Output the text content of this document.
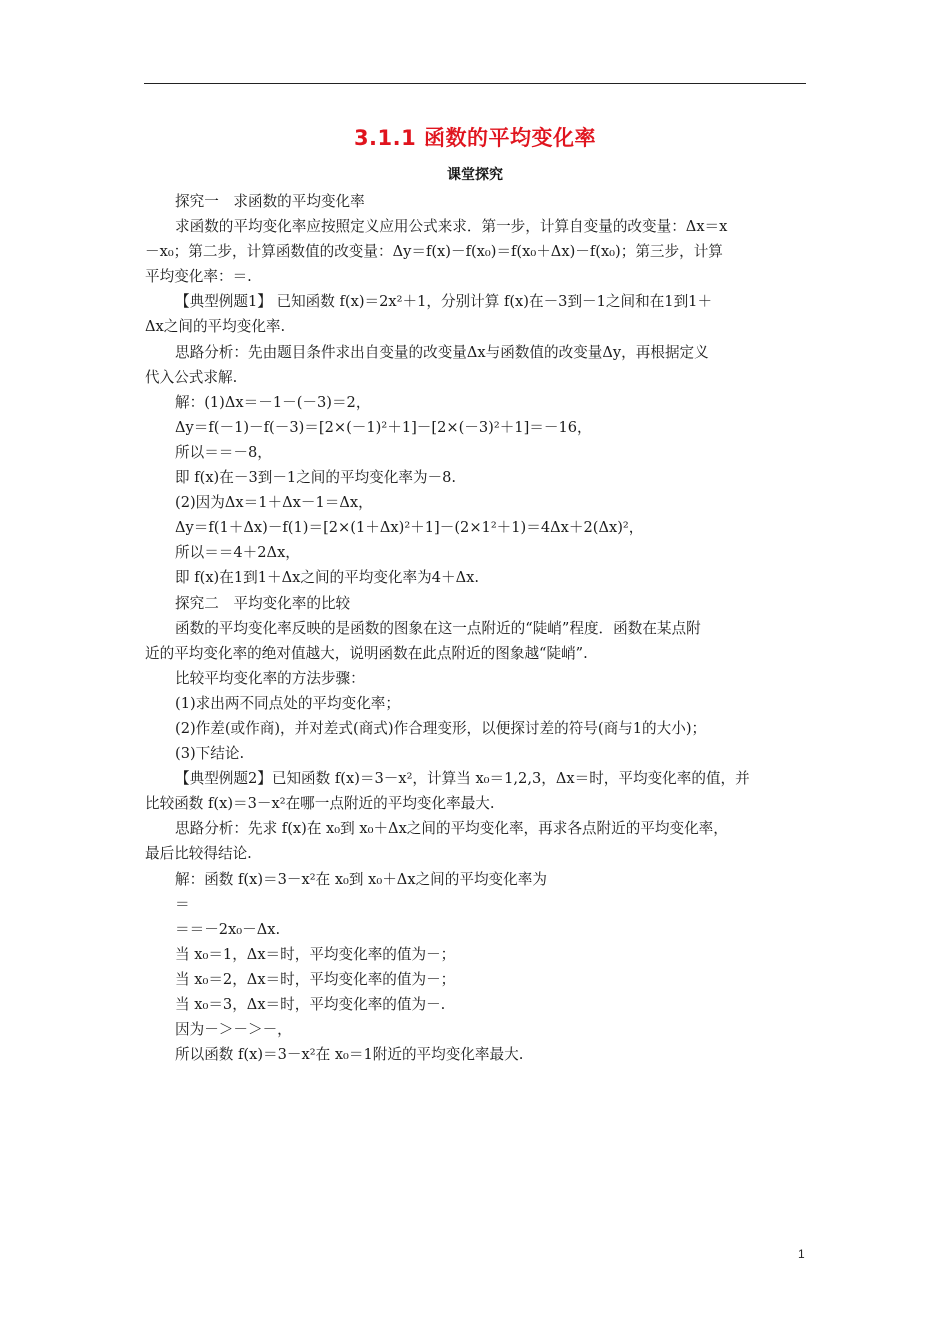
3.1.1 函数的平均变化率
课堂探究
探究一　求函数的平均变化率
求函数的平均变化率应按照定义应用公式来求．第一步，计算自变量的改变量：Δx＝x
－x₀；第二步，计算函数值的改变量：Δy＝f(x)－f(x₀)＝f(x₀＋Δx)－f(x₀)；第三步，计算
平均变化率：＝.
【典型例题1】 已知函数 f(x)＝2x²＋1，分别计算 f(x)在－3到－1之间和在1到1＋
Δx之间的平均变化率.
思路分析：先由题目条件求出自变量的改变量Δx与函数值的改变量Δy，再根据定义
代入公式求解.
解：(1)Δx＝－1－(－3)＝2，
Δy＝f(－1)－f(－3)＝[2×(－1)²＋1]－[2×(－3)²＋1]＝－16，
所以＝＝－8，
即 f(x)在－3到－1之间的平均变化率为－8.
(2)因为Δx＝1＋Δx－1＝Δx，
Δy＝f(1＋Δx)－f(1)＝[2×(1＋Δx)²＋1]－(2×1²＋1)＝4Δx＋2(Δx)²，
所以＝＝4＋2Δx，
即 f(x)在1到1＋Δx之间的平均变化率为4＋Δx.
探究二　平均变化率的比较
函数的平均变化率反映的是函数的图象在这一点附近的“陡峭”程度．函数在某点附
近的平均变化率的绝对值越大，说明函数在此点附近的图象越“陡峭”.
比较平均变化率的方法步骤：
(1)求出两不同点处的平均变化率；
(2)作差(或作商)，并对差式(商式)作合理变形，以便探讨差的符号(商与1的大小)；
(3)下结论.
【典型例题2】已知函数 f(x)＝3－x²，计算当 x₀＝1,2,3，Δx＝时，平均变化率的值，并
比较函数 f(x)＝3－x²在哪一点附近的平均变化率最大.
思路分析：先求 f(x)在 x₀到 x₀＋Δx之间的平均变化率，再求各点附近的平均变化率，
最后比较得结论.
解：函数 f(x)＝3－x²在 x₀到 x₀＋Δx之间的平均变化率为
＝
＝＝－2x₀－Δx.
当 x₀＝1，Δx＝时，平均变化率的值为－；
当 x₀＝2，Δx＝时，平均变化率的值为－；
当 x₀＝3，Δx＝时，平均变化率的值为－.
因为－＞－＞－，
所以函数 f(x)＝3－x²在 x₀＝1附近的平均变化率最大.
1
